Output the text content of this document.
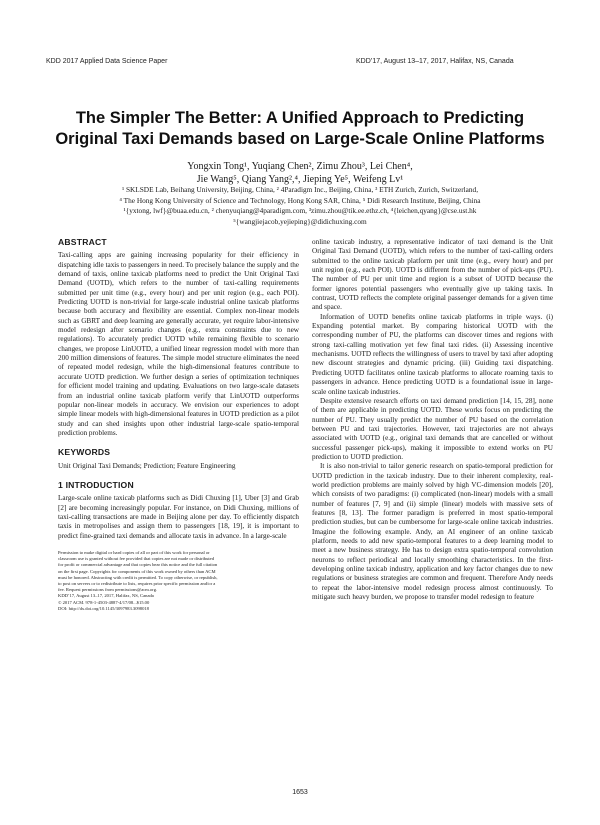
KDD 2017 Applied Data Science Paper	KDD’17, August 13–17, 2017, Halifax, NS, Canada
The Simpler The Better: A Unified Approach to Predicting
Original Taxi Demands based on Large-Scale Online Platforms
Yongxin Tong¹, Yuqiang Chen², Zimu Zhou³, Lei Chen⁴,
Jie Wang⁵, Qiang Yang²,⁴, Jieping Ye⁵, Weifeng Lv¹
¹ SKLSDE Lab, Beihang University, Beijing, China, ² 4Paradigm Inc., Beijing, China, ³ ETH Zurich, Zurich, Switzerland,
⁴ The Hong Kong University of Science and Technology, Hong Kong SAR, China, ⁵ Didi Research Institute, Beijing, China
¹{yxtong, lwf}@buaa.edu.cn, ² chenyuqiang@4paradigm.com, ³zimu.zhou@tik.ee.ethz.ch, ⁴{leichen,qyang}@cse.ust.hk
⁵{wangjiejacob,yejieping}@didichuxing.com
ABSTRACT

Taxi-calling apps are gaining increasing popularity for their efficiency in dispatching idle taxis to passengers in need. To precisely balance the supply and the demand of taxis, online taxicab platforms need to predict the Unit Original Taxi Demand (UOTD), which refers to the number of taxi-calling requirements submitted per unit time (e.g., every hour) and per unit region (e.g., each POI). Predicting UOTD is non-trivial for large-scale industrial online taxicab platforms because both accuracy and flexibility are essential. Complex non-linear models such as GBRT and deep learning are generally accurate, yet require labor-intensive model redesign after scenario changes (e.g., extra constraints due to new regulations). To accurately predict UOTD while remaining flexible to scenario changes, we propose LinUOTD, a unified linear regression model with more than 200 million dimensions of features. The simple model structure eliminates the need of repeated model redesign, while the high-dimensional features contribute to accurate UOTD prediction. We further design a series of optimization techniques for efficient model training and updating. Evaluations on two large-scale datasets from an industrial online taxicab platform verify that LinUOTD outperforms popular non-linear models in accuracy. We envision our experiences to adopt simple linear models with high-dimensional features in UOTD prediction as a pilot study and can shed insights upon other industrial large-scale spatio-temporal prediction problems.

KEYWORDS

Unit Original Taxi Demands; Prediction; Feature Engineering

1 INTRODUCTION

Large-scale online taxicab platforms such as Didi Chuxing [1], Uber [3] and Grab [2] are becoming increasingly popular. For instance, on Didi Chuxing, millions of taxi-calling transactions are made in Beijing alone per day. To efficiently dispatch taxis in metropolises and assign them to passengers [18, 19], it is important to predict fine-grained taxi demands and allocate taxis in advance. In a large-scale

Permission to make digital or hard copies of all or part of this work for personal or
classroom use is granted without fee provided that copies are not made or distributed
for profit or commercial advantage and that copies bear this notice and the full citation
on the first page. Copyrights for components of this work owned by others than ACM
must be honored. Abstracting with credit is permitted. To copy otherwise, or republish,
to post on servers or to redistribute to lists, requires prior specific permission and/or a
fee. Request permissions from permissions@acm.org.
KDD’17, August 13–17, 2017, Halifax, NS, Canada
© 2017 ACM. 978-1-4503-4887-4/17/08...$15.00
DOI: http://dx.doi.org/10.1145/3097983.3098018

online taxicab industry, a representative indicator of taxi demand is the Unit Original Taxi Demand (UOTD), which refers to the number of taxi-calling orders submitted to the online taxicab platform per unit time (e.g., every hour) and per unit region (e.g., each POI). UOTD is different from the number of pick-ups (PU). The number of PU per unit time and region is a subset of UOTD because the former ignores potential passengers who eventually give up taking taxis. In contrast, UOTD reflects the complete original passenger demands for a given time and space.

Information of UOTD benefits online taxicab platforms in triple ways. (i) Expanding potential market. By comparing historical UOTD with the corresponding number of PU, the platforms can discover times and regions with strong taxi-calling motivation yet few final taxi rides. (ii) Assessing incentive mechanisms. UOTD reflects the willingness of users to travel by taxi after adopting new discount strategies and dynamic pricing. (iii) Guiding taxi dispatching. Predicting UOTD facilitates online taxicab platforms to allocate roaming taxis to passengers in advance. Hence predicting UOTD is a foundational issue in large-scale online taxicab industries.

Despite extensive research efforts on taxi demand prediction [14, 15, 28], none of them are applicable in predicting UOTD. These works focus on predicting the number of PU. They usually predict the number of PU based on the correlation between PU and taxi trajectories. However, taxi trajectories are not always associated with UOTD (e.g., original taxi demands that are cancelled or without successful passenger pick-ups), making it impossible to extend works on PU prediction to UOTD prediction.

It is also non-trivial to tailor generic research on spatio-temporal prediction for UOTD prediction in the taxicab industry. Due to their inherent complexity, real-world prediction problems are mainly solved by high VC-dimension models [20], which consists of two paradigms: (i) complicated (non-linear) models with a small number of features [7, 9] and (ii) simple (linear) models with massive sets of features [8, 13]. The former paradigm is preferred in most spatio-temporal prediction studies, but can be cumbersome for large-scale online taxicab industries. Imagine the following example. Andy, an AI engineer of an online taxicab platform, needs to add new spatio-temporal features to a deep learning model to meet a new business strategy. He has to design extra spatio-temporal convolution neurons to reflect periodical and locally smoothing characteristics. In the first-developing online taxicab industry, application and key factor changes due to new regulations or business strategies are common and frequent. Therefore Andy needs to repeat the labor-intensive model redesign process almost continuously. To mitigate such heavy burden, we propose to transfer model redesign to feature

1653
